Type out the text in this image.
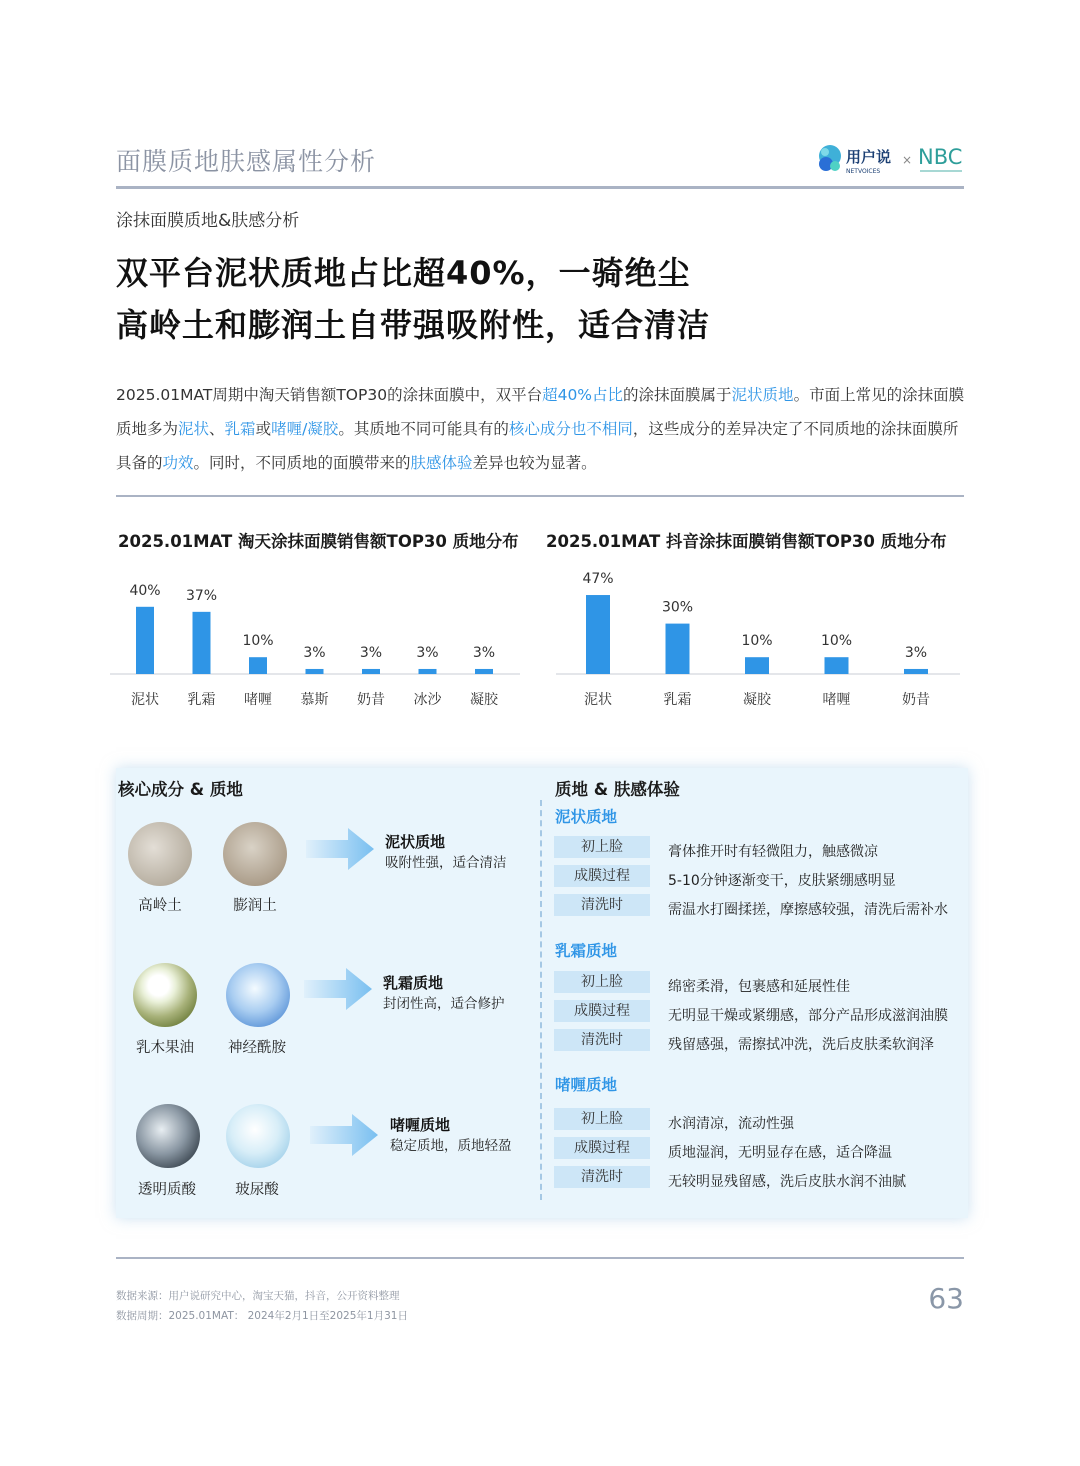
面膜质地肤感属性分析	用户说
NETVOICES
× NBC
涂抹面膜质地&肤感分析
双平台泥状质地占比超40%，一骑绝尘
高岭土和膨润土自带强吸附性，适合清洁
2025.01MAT周期中淘天销售额TOP30的涂抹面膜中，双平台超40%占比的涂抹面膜属于泥状质地。市面上常见的涂抹面膜质地多为泥状、乳霜或啫喱/凝胶。其质地不同可能具有的核心成分也不相同，这些成分的差异决定了不同质地的涂抹面膜所具备的功效。同时，不同质地的面膜带来的肤感体验差异也较为显著。
2025.01MAT 淘天涂抹面膜销售额TOP30 质地分布 2025.01MAT 抖音涂抹面膜销售额TOP30 质地分布
40%
泥状
37%
乳霜
10%
啫喱
3%
慕斯
3%
奶昔
3%
冰沙
3%
凝胶
47%
泥状
30%
乳霜
10%
凝胶
10%
啫喱
3%
奶昔
核心成分 & 质地	质地 & 肤感体验
高岭土	膨润土
泥状质地
吸附性强，适合清洁
乳木果油	神经酰胺
乳霜质地
封闭性高，适合修护
透明质酸	玻尿酸
啫喱质地
稳定质地，质地轻盈
泥状质地
初上脸	膏体推开时有轻微阻力，触感微凉
成膜过程	5-10分钟逐渐变干，皮肤紧绷感明显
清洗时	需温水打圈揉搓，摩擦感较强，清洗后需补水
乳霜质地
初上脸	绵密柔滑，包裹感和延展性佳
成膜过程	无明显干燥或紧绷感，部分产品形成滋润油膜
清洗时	残留感强，需擦拭冲洗，洗后皮肤柔软润泽
啫喱质地
初上脸	水润清凉，流动性强
成膜过程	质地湿润，无明显存在感，适合降温
清洗时	无较明显残留感，洗后皮肤水润不油腻
数据来源：用户说研究中心，淘宝天猫，抖音，公开资料整理
数据周期：2025.01MAT： 2024年2月1日至2025年1月31日
63
